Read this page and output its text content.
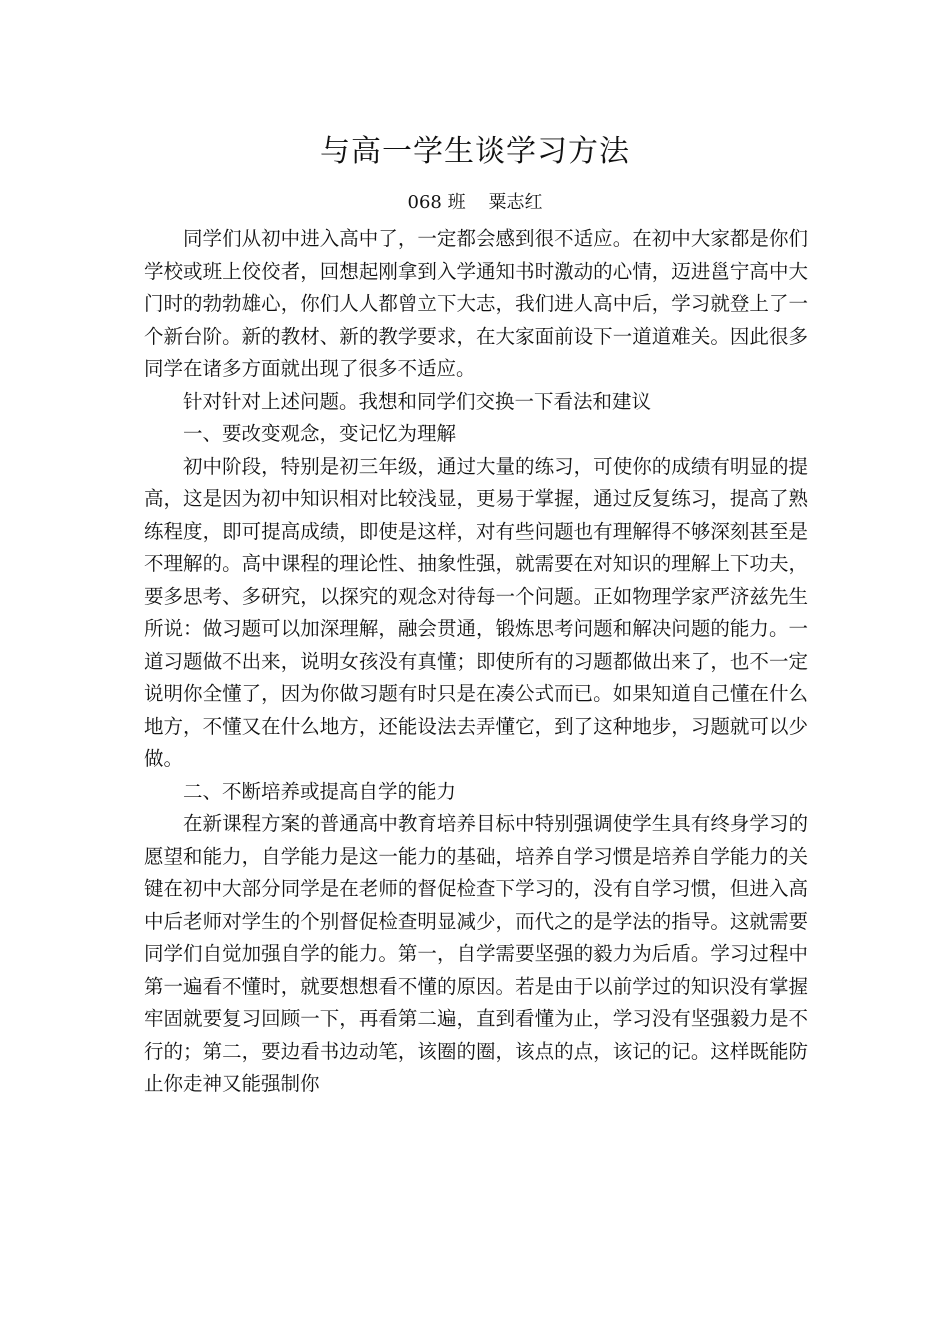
与高一学生谈学习方法
068 班    粟志红

同学们从初中进入高中了，一定都会感到很不适应。在初中大家都是你们学校或班上佼佼者，回想起刚拿到入学通知书时激动的心情，迈进邕宁高中大门时的勃勃雄心，你们人人都曾立下大志，我们进人高中后，学习就登上了一个新台阶。新的教材、新的教学要求，在大家面前设下一道道难关。因此很多同学在诸多方面就出现了很多不适应。

针对针对上述问题。我想和同学们交换一下看法和建议

一、要改变观念，变记忆为理解

初中阶段，特别是初三年级，通过大量的练习，可使你的成绩有明显的提高，这是因为初中知识相对比较浅显，更易于掌握，通过反复练习，提高了熟练程度，即可提高成绩，即使是这样，对有些问题也有理解得不够深刻甚至是不理解的。高中课程的理论性、抽象性强，就需要在对知识的理解上下功夫，要多思考、多研究，以探究的观念对待每一个问题。正如物理学家严济兹先生所说：做习题可以加深理解，融会贯通，锻炼思考问题和解决问题的能力。一道习题做不出来，说明女孩没有真懂；即使所有的习题都做出来了，也不一定说明你全懂了，因为你做习题有时只是在凑公式而已。如果知道自己懂在什么地方，不懂又在什么地方，还能设法去弄懂它，到了这种地步，习题就可以少做。

二、不断培养或提高自学的能力

在新课程方案的普通高中教育培养目标中特别强调使学生具有终身学习的愿望和能力，自学能力是这一能力的基础，培养自学习惯是培养自学能力的关键在初中大部分同学是在老师的督促检查下学习的，没有自学习惯，但进入高中后老师对学生的个别督促检查明显减少，而代之的是学法的指导。这就需要同学们自觉加强自学的能力。第一，自学需要坚强的毅力为后盾。学习过程中第一遍看不懂时，就要想想看不懂的原因。若是由于以前学过的知识没有掌握牢固就要复习回顾一下，再看第二遍，直到看懂为止，学习没有坚强毅力是不行的；第二，要边看书边动笔，该圈的圈，该点的点，该记的记。这样既能防止你走神又能强制你
